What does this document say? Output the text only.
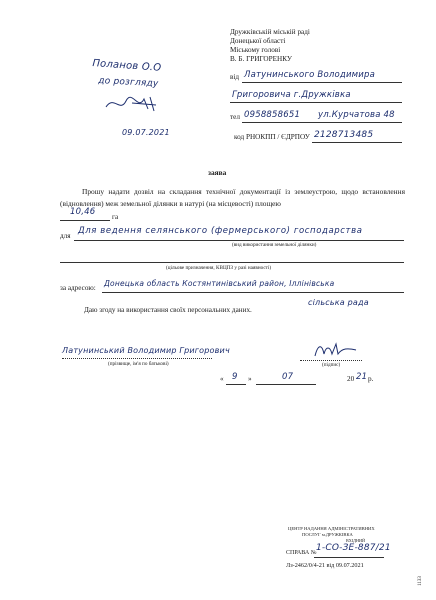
Дружківській міській раді
Донецької області
Міському голові
В. Б. ГРИГОРЕНКУ
Поланов О.О
до розгляду
09.07.2021
від Латунинського Володимира
Григоровича г.Дружківка
тел 0958858651 ул.Курчатова 48
код РНОКПП / ЄДРПОУ 2128713485
заява
Прошу надати дозвіл на складання технічної документації із землеустрою, щодо встановлення (відновлення) меж земельної ділянки в натурі (на місцевості) площею
10,46 га
для Для ведення селянського (фермерського) господарства
(вид використання земельної ділянки)
(цільове призначення, КВЦПЗ у разі наявності)
за адресою: Донецька область Костянтинівський район, Іллінівська
сільська рада
Даю згоду на використання своїх персональних даних.
Латунинський Володимир Григорович
(прізвище, ім'я по батькові)	(підпис)
« 9 »	07	20 21 р.
ЦЕНТР НАДАННЯ АДМІНІСТРАТИВНИХ
ПОСЛУГ м.ДРУЖКІВКА
ВХІДНИЙ
СПРАВА № 1-СО-ЗЕ-887/21
Лз-2462/0/4-21 від 09.07.2021
1133
